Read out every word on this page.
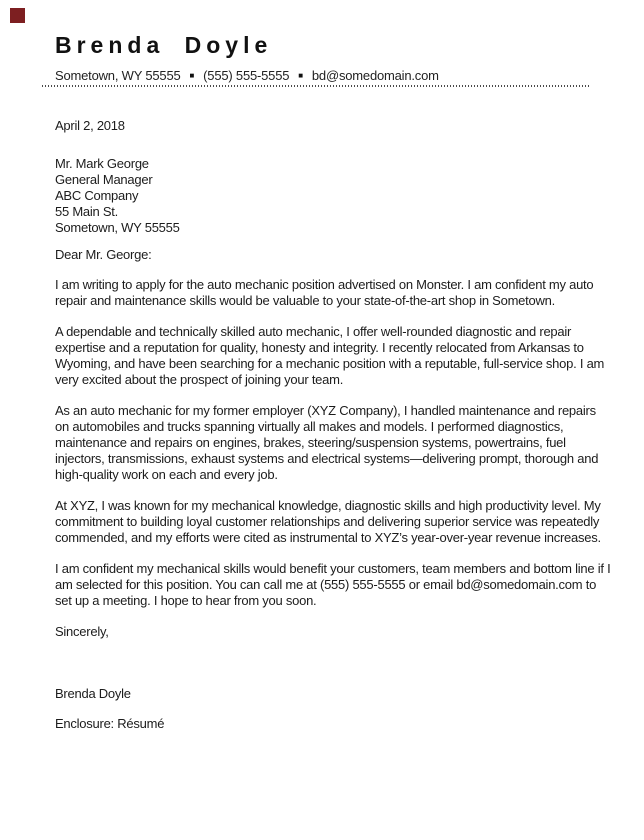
Brenda Doyle
Sometown, WY 55555 ■ (555) 555-5555 ■ bd@somedomain.com
April 2, 2018
Mr. Mark George
General Manager
ABC Company
55 Main St.
Sometown, WY 55555
Dear Mr. George:

I am writing to apply for the auto mechanic position advertised on Monster. I am confident my auto repair and maintenance skills would be valuable to your state-of-the-art shop in Sometown.

A dependable and technically skilled auto mechanic, I offer well-rounded diagnostic and repair expertise and a reputation for quality, honesty and integrity. I recently relocated from Arkansas to Wyoming, and have been searching for a mechanic position with a reputable, full-service shop. I am very excited about the prospect of joining your team.

As an auto mechanic for my former employer (XYZ Company), I handled maintenance and repairs on automobiles and trucks spanning virtually all makes and models. I performed diagnostics, maintenance and repairs on engines, brakes, steering/suspension systems, powertrains, fuel injectors, transmissions, exhaust systems and electrical systems—delivering prompt, thorough and high-quality work on each and every job.

At XYZ, I was known for my mechanical knowledge, diagnostic skills and high productivity level. My commitment to building loyal customer relationships and delivering superior service was repeatedly commended, and my efforts were cited as instrumental to XYZ’s year-over-year revenue increases.

I am confident my mechanical skills would benefit your customers, team members and bottom line if I am selected for this position. You can call me at (555) 555-5555 or email bd@somedomain.com to set up a meeting. I hope to hear from you soon.

Sincerely,
Brenda Doyle
Enclosure: Résumé
